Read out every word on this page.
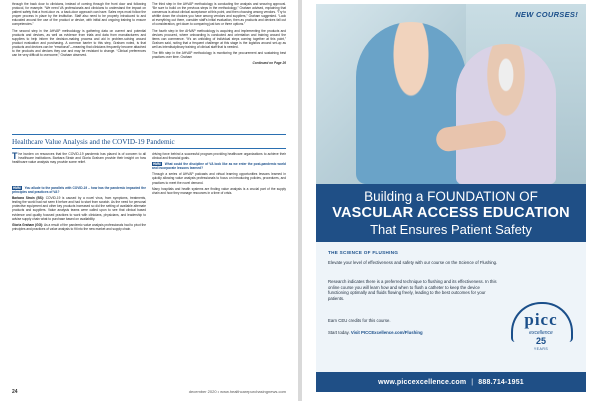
through the back door to clinicians, instead of coming through the front door and following protocol, for example. “We need VA professionals and clinicians to understand the impact on patient safety that a front-door vs. a back-door approach can have. Sales reps must follow the proper process in place by the institution. Staff also need to be properly introduced to and educated around the use of the product or device, with initial and ongoing training to ensure competencies.”

The second step in the AHVAP methodology is gathering data on current and potential products and devices, as well as evidence from trials and data from manufacturers and suppliers to help inform the decision-making process and aid in problem-solving around product evaluation and purchasing. A common barrier to this step, Graham noted, is that products and devices can be “emotional”—meaning that clinicians frequently become attached to the products and devices they use and may be resistant to change. “Clinical preferences can be very difficult to overcome,” Graham observed.

The third step in the AHVAP methodology is conducting the analysis and securing approval. “Be sure to build on the previous steps in the methodology,” Graham advised, explaining that consensus is about clinical acceptance at this point, and then choosing among vendors. “Try to whittle down the choices you have among vendors and suppliers,” Graham suggested. “Look at everything out there, consider staff’s initial evaluation, then as products and devices fall out of consideration, get down to comparing just two or three options.”

The fourth step in the AHVAP methodology is acquiring and implementing the products and devices procured, where onboarding is conducted and orientation and training around the items can commence. “It’s an unfolding of individual steps coming together at this point,” Graham said, noting that a frequent challenge at this stage is the logistics around set-up as well as interdisciplinary training of clinical staff that is needed.

The fifth step in the AHVAP methodology is monitoring the procurement and sustaining best practices over time. Graham

Continued on Page 26

Healthcare Value Analysis and the COVID-19 Pandemic
T he burden on resources that the COVID-19 pandemic has placed is of concern to all healthcare institutions. Barbara Strain and Gloria Graham provide their insight on how healthcare value analysis may provide some relief.

HMM You allude to the parallels with COVID-19 – how has the pandemic impacted the principles and practices of VA?

Barbara Strain (BS): COVID-19 is caused by a novel virus, from symptoms, treatments, testing the world had not seen it before and had to start from scratch. As the need for personal protective equipment and other key products increased so did the setting of available alternate products and suppliers. Value analysis teams were called upon to see that clinical based evidence and quality focused practices to work with clinicians, physicians, and leadership to advise supply chain what to purchase based on availability.

Gloria Graham (GG): As a result of the pandemic value analysis professionals had to pivot the principles and practices of value analysis to fit into the new market and supply chain.

driving force behind a successful program providing healthcare organizations to achieve their clinical and financial goals.

HMM What could the discipline of VA look like as we enter the post-pandemic world and incorporate lessons learned?

Through a series of AHVAP podcasts and virtual learning opportunities lessons learned in quickly allowing value analysis professionals to focus on introducing policies, procedures, and practices to meet the novel demand.

Many hospitals and health systems are finding value analysis is a crucial part of the supply chain and how they manage resources in a time of crisis.

24	december 2020 • www.healthcarepurchasingnews.com
NEW COURSES!
Building a FOUNDATION OF
VASCULAR ACCESS EDUCATION
That Ensures Patient Safety
THE SCIENCE OF FLUSHING
Elevate your level of effectiveness and safety with our course on the Science of Flushing.
Research indicates there is a preferred technique to flushing and its effectiveness. In this online course you will learn how and when to flush a catheter to keep the device functioning optimally and fluids flowing freely, leading to the best outcomes for your patients.
Earn CEU credits for this course.
Start today. Visit PICCExcellence.com/Flushing
picc
excellence
25
YEARS
www.piccexcellence.com | 888.714-1951
